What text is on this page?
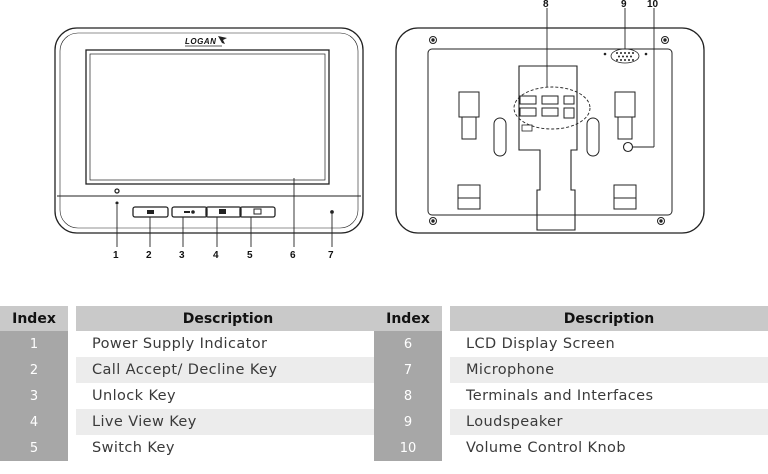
LOGAN
1	2	3	4	5	6	7
8	9 10
Index		Description
1		Power Supply Indicator
2		Call Accept/ Decline Key
3		Unlock Key
4		Live View Key
5		Switch Key
Index		Description
6		LCD Display Screen
7		Microphone
8		Terminals and Interfaces
9		Loudspeaker
10		Volume Control Knob
